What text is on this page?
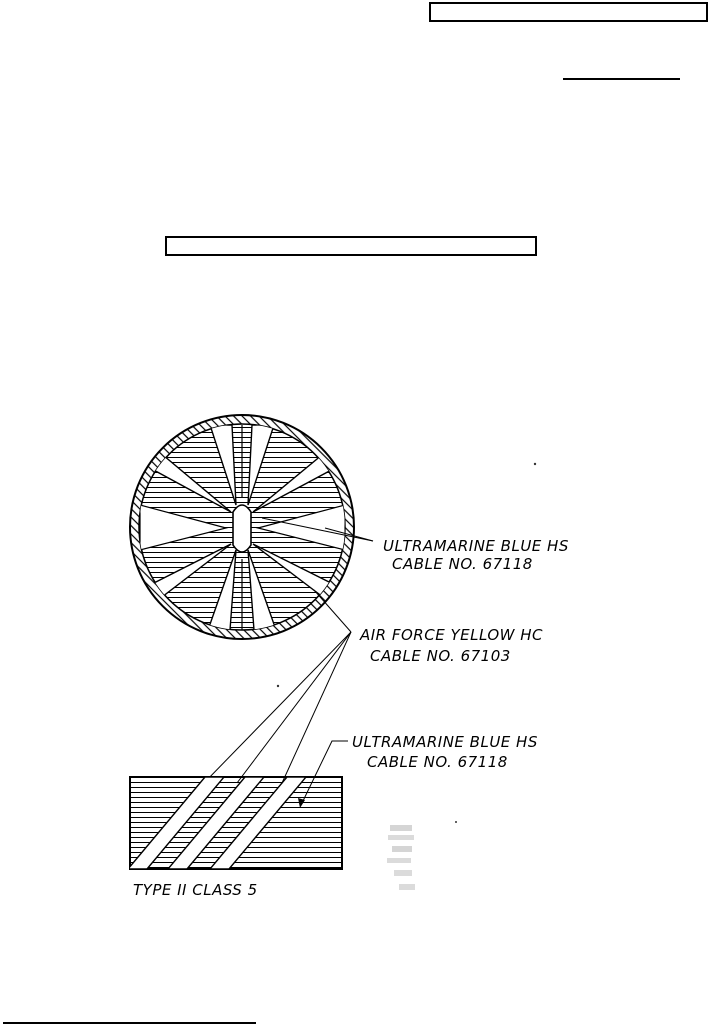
ULTRAMARINE BLUE HS
CABLE NO. 67118
AIR FORCE YELLOW HC
CABLE NO. 67103
ULTRAMARINE BLUE HS
CABLE NO. 67118
TYPE II CLASS 5
